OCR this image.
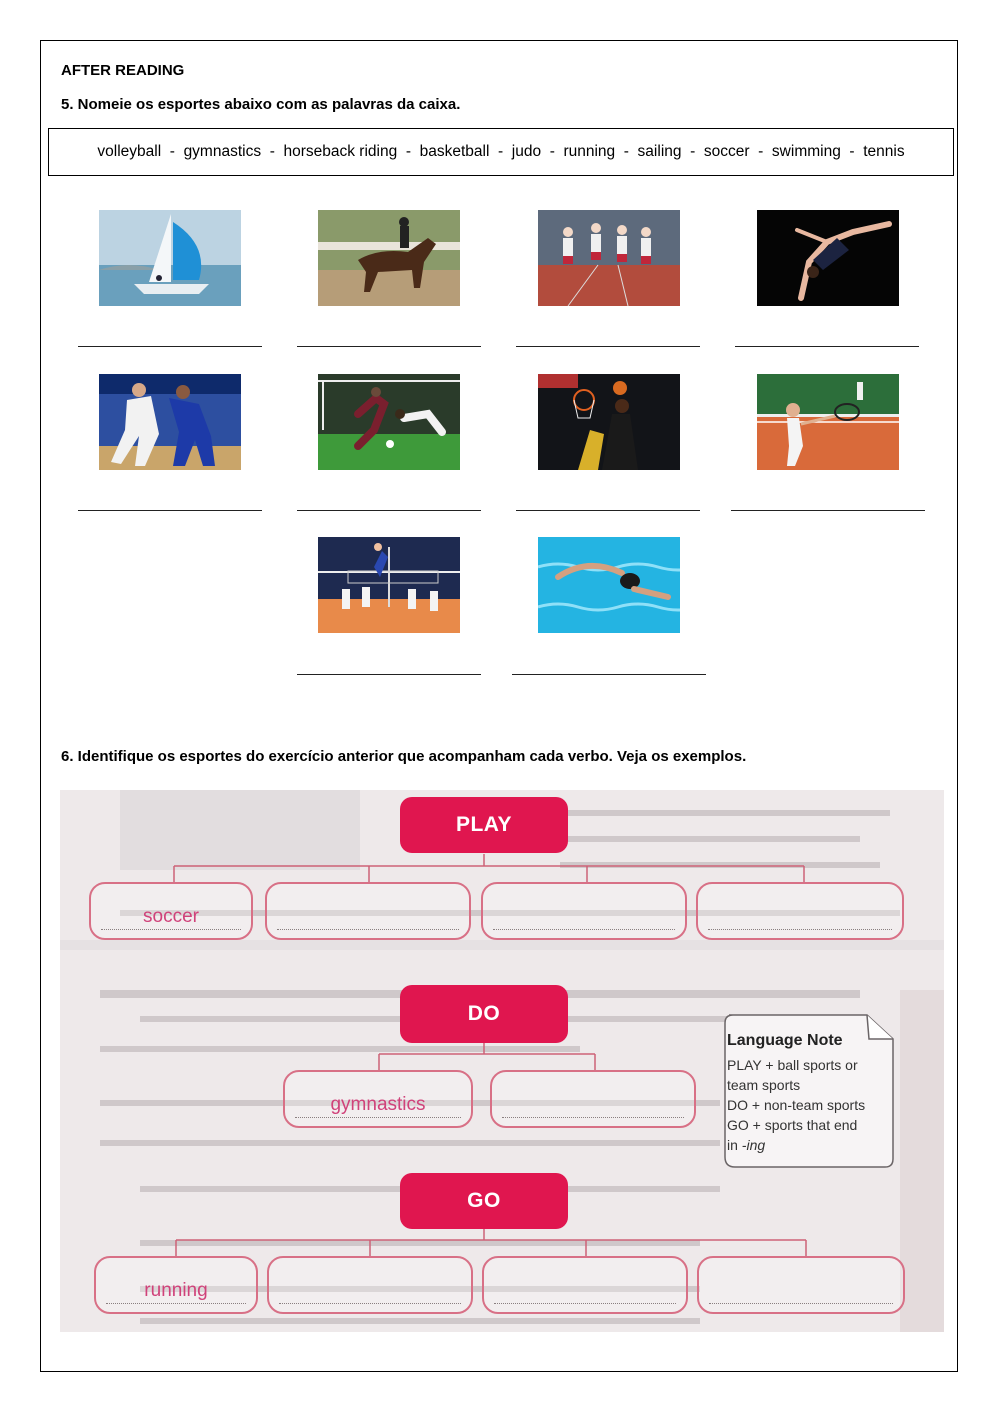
AFTER READING
5. Nomeie os esportes abaixo com as palavras da caixa.
volleyball  -  gymnastics  -  horseback riding  -  basketball  -  judo  -  running  -  sailing  -  soccer  -  swimming  -  tennis
6. Identifique os esportes do exercício anterior que acompanham cada verbo. Veja os exemplos.
PLAY
soccer
DO
gymnastics
GO
running
Language Note
PLAY + ball sports or
team sports
DO + non-team sports
GO + sports that end
in -ing
